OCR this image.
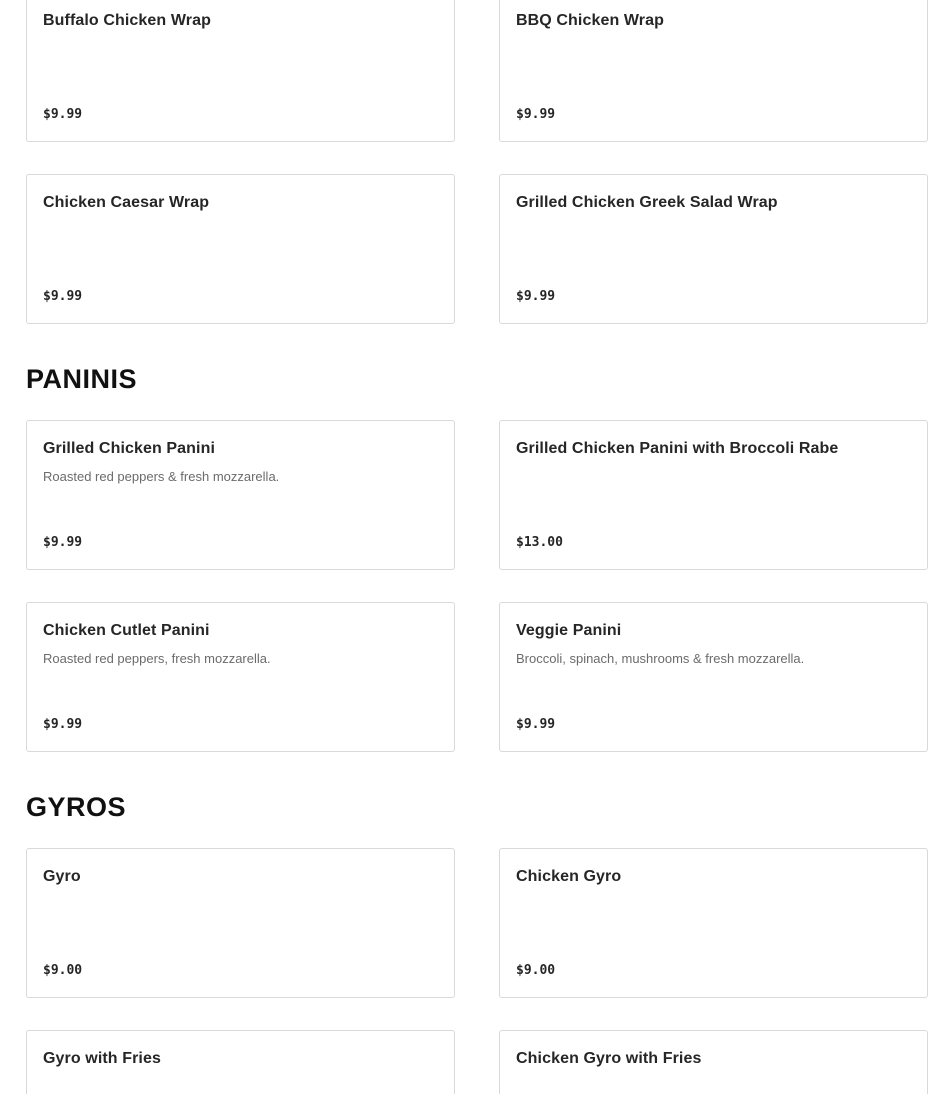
Buffalo Chicken Wrap
$9.99
BBQ Chicken Wrap
$9.99
Chicken Caesar Wrap
$9.99
Grilled Chicken Greek Salad Wrap
$9.99
PANINIS
Grilled Chicken Panini
Roasted red peppers & fresh mozzarella.
$9.99
Grilled Chicken Panini with Broccoli Rabe
$13.00
Chicken Cutlet Panini
Roasted red peppers, fresh mozzarella.
$9.99
Veggie Panini
Broccoli, spinach, mushrooms & fresh mozzarella.
$9.99
GYROS
Gyro
$9.00
Chicken Gyro
$9.00
Gyro with Fries	Chicken Gyro with Fries
